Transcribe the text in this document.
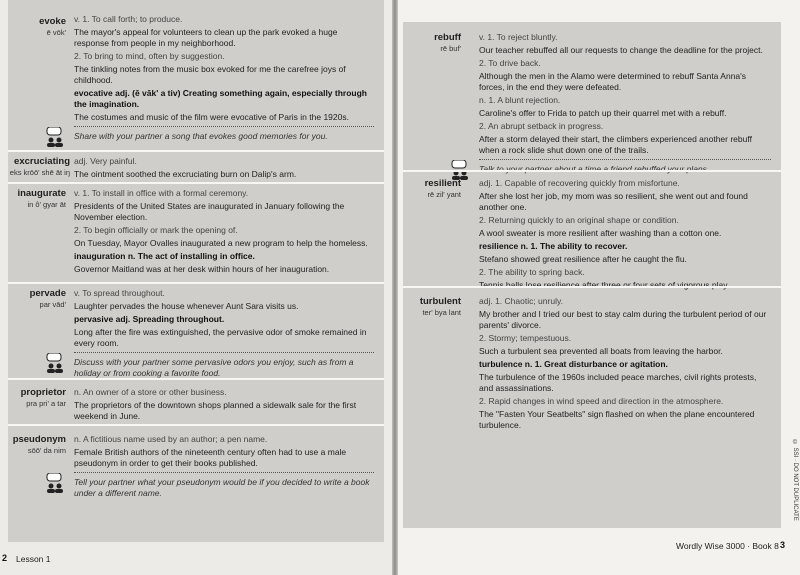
evoke
ē vōk'

v. 1. To call forth; to produce.

The mayor's appeal for volunteers to clean up the park evoked a huge response from people in my neighborhood.

2. To bring to mind, often by suggestion.

The tinkling notes from the music box evoked for me the carefree joys of childhood.

evocative adj. (ē vāk' a tiv) Creating something again, especially through the imagination.

The costumes and music of the film were evocative of Paris in the 1920s.

Share with your partner a song that evokes good memories for you.
excruciating
eks krōō' shē āt iŋ

adj. Very painful.

The ointment soothed the excruciating burn on Dalip's arm.

inaugurate
in ô' gyar āt

v. 1. To install in office with a formal ceremony.

Presidents of the United States are inaugurated in January following the November election.

2. To begin officially or mark the opening of.

On Tuesday, Mayor Ovalles inaugurated a new program to help the homeless.

inauguration n. The act of installing in office.

Governor Maitland was at her desk within hours of her inauguration.

pervade
par vād'

v. To spread throughout.

Laughter pervades the house whenever Aunt Sara visits us.

pervasive adj. Spreading throughout.

Long after the fire was extinguished, the pervasive odor of smoke remained in every room.

Discuss with your partner some pervasive odors you enjoy, such as from a holiday or from cooking a favorite food.
proprietor
pra pri' a tar

n. An owner of a store or other business.

The proprietors of the downtown shops planned a sidewalk sale for the first weekend in June.

pseudonym
sōō' da nim

n. A fictitious name used by an author; a pen name.

Female British authors of the nineteenth century often had to use a male pseudonym in order to get their books published.

Tell your partner what your pseudonym would be if you decided to write a book under a different name.
2 Lesson 1
rebuff
rē buf'

v. 1. To reject bluntly.

Our teacher rebuffed all our requests to change the deadline for the project.

2. To drive back.

Although the men in the Alamo were determined to rebuff Santa Anna's forces, in the end they were defeated.

n. 1. A blunt rejection.

Caroline's offer to Frida to patch up their quarrel met with a rebuff.

2. An abrupt setback in progress.

After a storm delayed their start, the climbers experienced another rebuff when a rock slide shut down one of the trails.

Talk to your partner about a time a friend rebuffed your plans.
resilient
rē zil' yant

adj. 1. Capable of recovering quickly from misfortune.

After she lost her job, my mom was so resilient, she went out and found another one.

2. Returning quickly to an original shape or condition.

A wool sweater is more resilient after washing than a cotton one.

resilience n. 1. The ability to recover.

Stefano showed great resilience after he caught the flu.

2. The ability to spring back.

Tennis balls lose resilience after three or four sets of vigorous play.

turbulent
ter' bya lant

adj. 1. Chaotic; unruly.

My brother and I tried our best to stay calm during the turbulent period of our parents' divorce.

2. Stormy; tempestuous.

Such a turbulent sea prevented all boats from leaving the harbor.

turbulence n. 1. Great disturbance or agitation.

The turbulence of the 1960s included peace marches, civil rights protests, and assassinations.

2. Rapid changes in wind speed and direction in the atmosphere.

The "Fasten Your Seatbelts" sign flashed on when the plane encountered turbulence.

Wordly Wise 3000 · Book 8 3
© SSI · DO NOT DUPLICATE
